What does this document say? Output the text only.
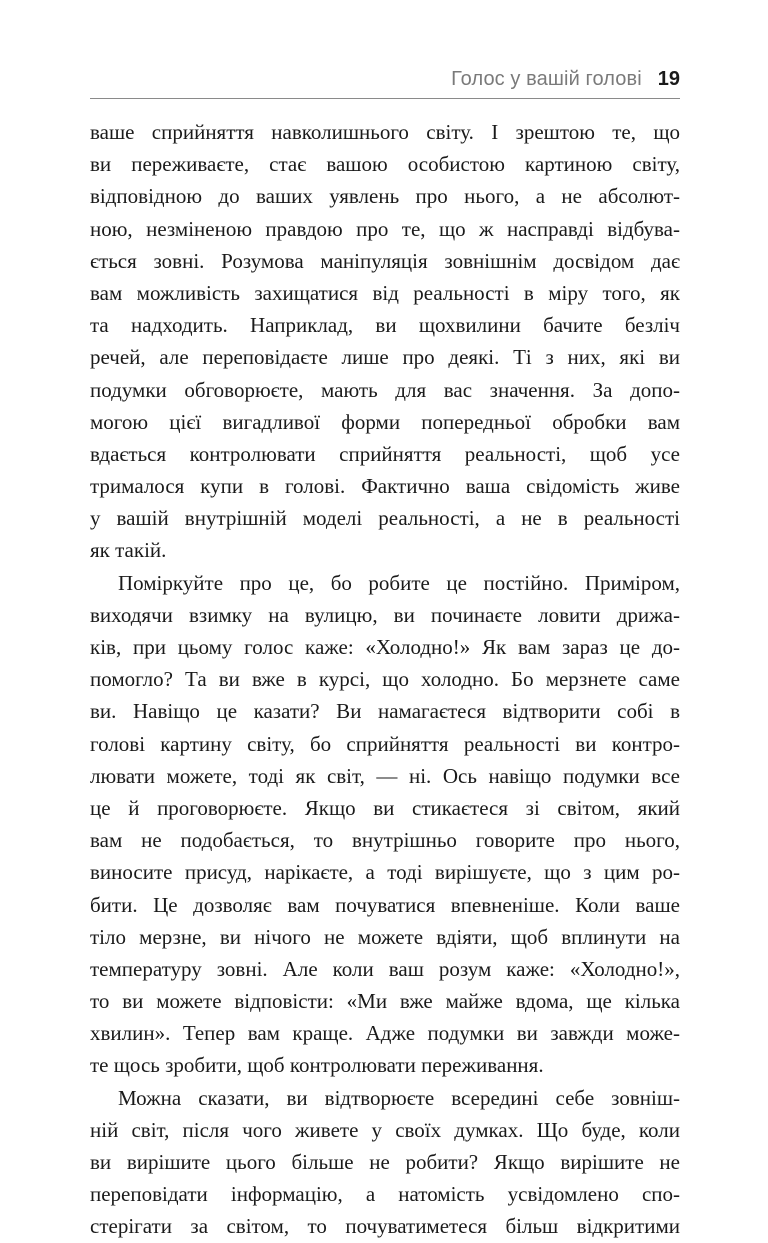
Голос у вашій голові 19
ваше сприйняття навколишнього світу. І зрештою те, що
ви переживаєте, стає вашою особистою картиною світу,
відповідною до ваших уявлень про нього, а не абсолют-
ною, незміненою правдою про те, що ж насправді відбува-
ється зовні. Розумова маніпуляція зовнішнім досвідом дає
вам можливість захищатися від реальності в міру того, як
та надходить. Наприклад, ви щохвилини бачите безліч
речей, але переповідаєте лише про деякі. Ті з них, які ви
подумки обговорюєте, мають для вас значення. За допо-
могою цієї вигадливої форми попередньої обробки вам
вдається контролювати сприйняття реальності, щоб усе
трималося купи в голові. Фактично ваша свідомість живе
у вашій внутрішній моделі реальності, а не в реальності
як такій.
Поміркуйте про це, бо робите це постійно. Приміром,
виходячи взимку на вулицю, ви починаєте ловити дрижа-
ків, при цьому голос каже: «Холодно!» Як вам зараз це до-
помогло? Та ви вже в курсі, що холодно. Бо мерзнете саме
ви. Навіщо це казати? Ви намагаєтеся відтворити собі в
голові картину світу, бо сприйняття реальності ви контро-
лювати можете, тоді як світ, — ні. Ось навіщо подумки все
це й проговорюєте. Якщо ви стикаєтеся зі світом, який
вам не подобається, то внутрішньо говорите про нього,
виносите присуд, нарікаєте, а тоді вирішуєте, що з цим ро-
бити. Це дозволяє вам почуватися впевненіше. Коли ваше
тіло мерзне, ви нічого не можете вдіяти, щоб вплинути на
температуру зовні. Але коли ваш розум каже: «Холодно!»,
то ви можете відповісти: «Ми вже майже вдома, ще кілька
хвилин». Тепер вам краще. Адже подумки ви завжди може-
те щось зробити, щоб контролювати переживання.
Можна сказати, ви відтворюєте всередині себе зовніш-
ній світ, після чого живете у своїх думках. Що буде, коли
ви вирішите цього більше не робити? Якщо вирішите не
переповідати інформацію, а натомість усвідомлено спо-
стерігати за світом, то почуватиметеся більш відкритими
